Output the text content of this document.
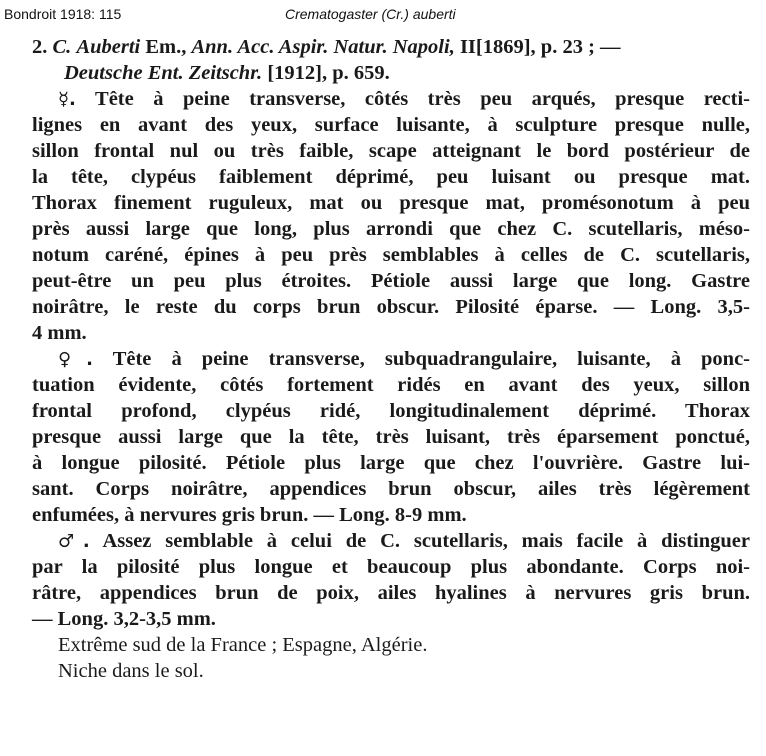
Bondroit 1918: 115	Crematogaster (Cr.) auberti
2. C. Auberti Em., Ann. Acc. Aspir. Natur. Napoli, II[1869], p. 23 ; —
Deutsche Ent. Zeitschr. [1912], p. 659.
☿. Tête à peine transverse, côtés très peu arqués, presque recti-
lignes en avant des yeux, surface luisante, à sculpture presque nulle,
sillon frontal nul ou très faible, scape atteignant le bord postérieur de
la tête, clypéus faiblement déprimé, peu luisant ou presque mat.
Thorax finement ruguleux, mat ou presque mat, promésonotum à peu
près aussi large que long, plus arrondi que chez C. scutellaris, méso-
notum caréné, épines à peu près semblables à celles de C. scutellaris,
peut-être un peu plus étroites. Pétiole aussi large que long. Gastre
noirâtre, le reste du corps brun obscur. Pilosité éparse. — Long. 3,5-
4 mm.
♀. Tête à peine transverse, subquadrangulaire, luisante, à ponc-
tuation évidente, côtés fortement ridés en avant des yeux, sillon
frontal profond, clypéus ridé, longitudinalement déprimé. Thorax
presque aussi large que la tête, très luisant, très éparsement ponctué,
à longue pilosité. Pétiole plus large que chez l'ouvrière. Gastre lui-
sant. Corps noirâtre, appendices brun obscur, ailes très légèrement
enfumées, à nervures gris brun. — Long. 8-9 mm.
♂. Assez semblable à celui de C. scutellaris, mais facile à distinguer
par la pilosité plus longue et beaucoup plus abondante. Corps noi-
râtre, appendices brun de poix, ailes hyalines à nervures gris brun.
— Long. 3,2-3,5 mm.
Extrême sud de la France ; Espagne, Algérie.
Niche dans le sol.
